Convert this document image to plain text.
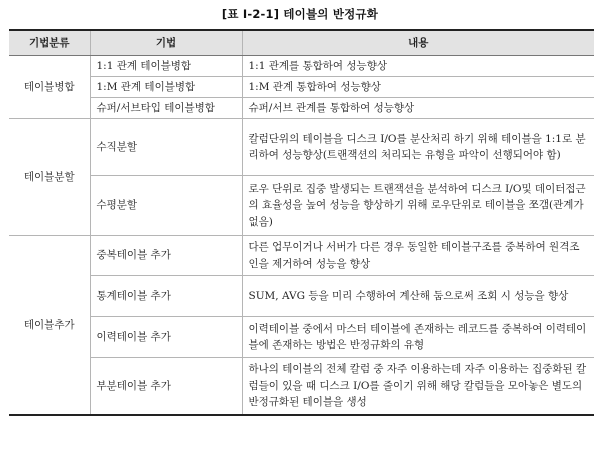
[표 Ⅰ-2-1] 테이블의 반정규화
기법분류	기법	내용
테이블병합	1:1 관계 테이블병합	1:1 관계를 통합하여 성능향상
	1:M 관계 테이블병합	1:M 관계 통합하여 성능향상
	슈퍼/서브타입 테이블병합	슈퍼/서브 관계를 통합하여 성능향상
테이블분할	수직분할	칼럼단위의 테이블을 디스크 I/O를 분산처리 하기 위해 테이블을 1:1로 분리하여 성능향상(트랜잭션의 처리되는 유형을 파악이 선행되어야 함)
	수평분할	로우 단위로 집중 발생되는 트랜잭션을 분석하여 디스크 I/O및 데이터접근의 효율성을 높여 성능을 향상하기 위해 로우단위로 테이블을 쪼갬(관계가 없음)
테이블추가	중복테이블 추가	다른 업무이거나 서버가 다른 경우 동일한 테이블구조를 중복하여 원격조인을 제거하여 성능을 향상
	통계테이블 추가	SUM, AVG 등을 미리 수행하여 계산해 둠으로써 조회 시 성능을 향상
	이력테이블 추가	이력테이블 중에서 마스터 테이블에 존재하는 레코드를 중복하여 이력테이블에 존재하는 방법은 반정규화의 유형
	부분테이블 추가	하나의 테이블의 전체 칼럼 중 자주 이용하는데 자주 이용하는 집중화된 칼럼들이 있을 때 디스크 I/O를 줄이기 위해 해당 칼럼들을 모아놓은 별도의 반정규화된 테이블을 생성
